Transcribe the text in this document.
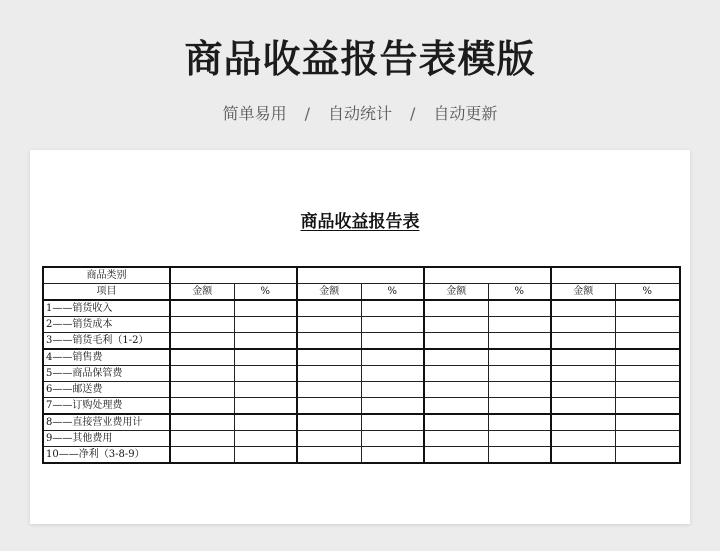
商品收益报告表模版
简单易用 / 自动统计 / 自动更新
商品收益报告表
商品类别								
项目	金额	%	金额	%	金额	%	金额	%
1——销货收入								
2——销货成本								
3——销货毛利（1-2）								
4——销售费								
5——商品保管费								
6——邮送费								
7——订购处理费								
8——直接营业费用计								
9——其他费用								
10——净利（3-8-9）								
